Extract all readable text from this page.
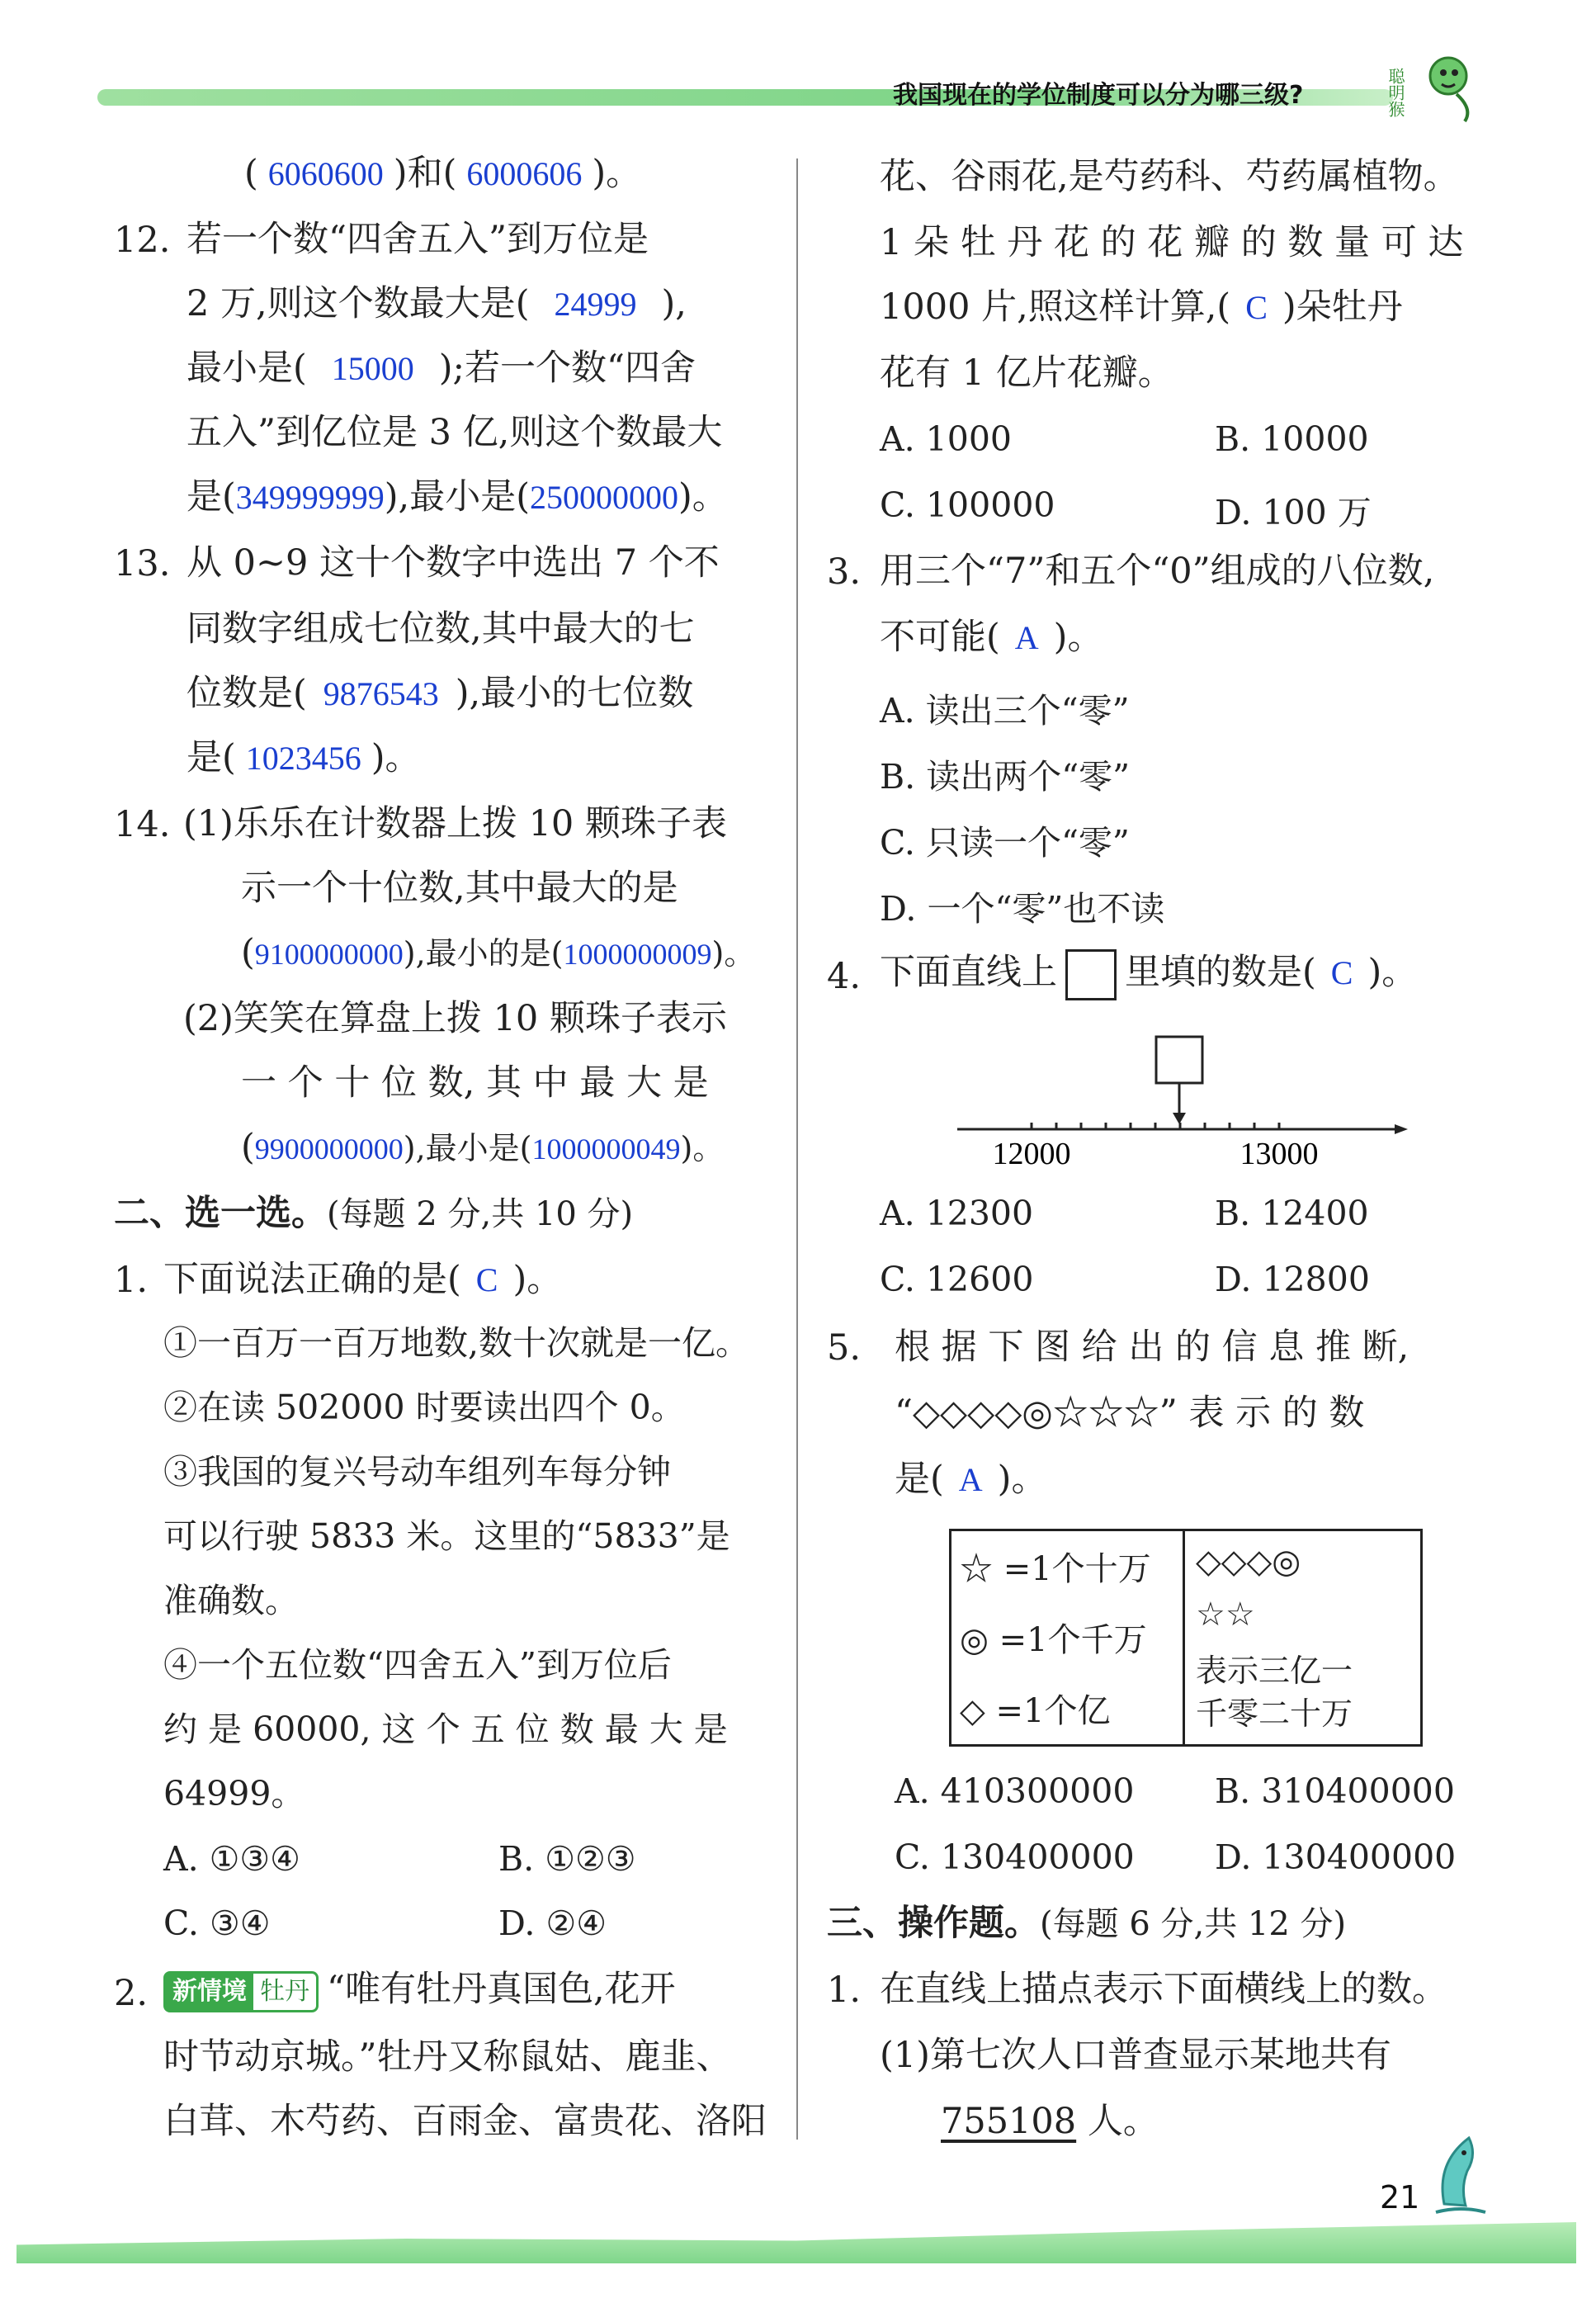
我国现在的学位制度可以分为哪三级?	聪明猴
( 6060600 )和( 6000606 )。
12. 若一个数“四舍五入”到万位是
2 万,则这个数最大是( 24999 ),
最小是( 15000 );若一个数“四舍
五入”到亿位是 3 亿,则这个数最大
是(349999999),最小是(250000000)。
13. 从 0~9 这十个数字中选出 7 个不
同数字组成七位数,其中最大的七
位数是( 9876543 ),最小的七位数
是( 1023456 )。
14. (1)乐乐在计数器上拨 10 颗珠子表
示一个十位数,其中最大的是
(9100000000),最小的是(1000000009)。
(2)笑笑在算盘上拨 10 颗珠子表示
一 个 十 位 数, 其 中 最 大 是
(9900000000),最小是(1000000049)。
二、选一选。(每题 2 分,共 10 分)
1. 下面说法正确的是( C )。
①一百万一百万地数,数十次就是一亿。
②在读 502000 时要读出四个 0。
③我国的复兴号动车组列车每分钟
可以行驶 5833 米。这里的“5833”是
准确数。
④一个五位数“四舍五入”到万位后
约 是 60000, 这 个 五 位 数 最 大 是
64999。
A. ①③④	B. ①②③
C. ③④	D. ②④
2. 新情境 牡丹 “唯有牡丹真国色,花开
时节动京城。”牡丹又称鼠姑、鹿韭、
白茸、木芍药、百雨金、富贵花、洛阳
花、谷雨花,是芍药科、芍药属植物。
1 朵 牡 丹 花 的 花 瓣 的 数 量 可 达
1000 片,照这样计算,( C )朵牡丹
花有 1 亿片花瓣。
A. 1000	B. 10000
C. 100000	D. 100 万
3. 用三个“7”和五个“0”组成的八位数,
不可能( A )。
A. 读出三个“零”
B. 读出两个“零”
C. 只读一个“零”
D. 一个“零”也不读
4. 下面直线上 里填的数是( C )。
12000	13000
A. 12300	B. 12400
C. 12600	D. 12800
5. 根 据 下 图 给 出 的 信 息 推 断,
“◇◇◇◇◎☆☆☆” 表 示 的 数
是( A )。
☆ =1个十万
◎ =1个千万
◇ =1个亿
◇◇◇◎
☆☆
表示三亿一
千零二十万
A. 410300000 B. 310400000
C. 130400000 D. 130400000
三、操作题。(每题 6 分,共 12 分)
1. 在直线上描点表示下面横线上的数。
(1)第七次人口普查显示某地共有
755108 人。
21
